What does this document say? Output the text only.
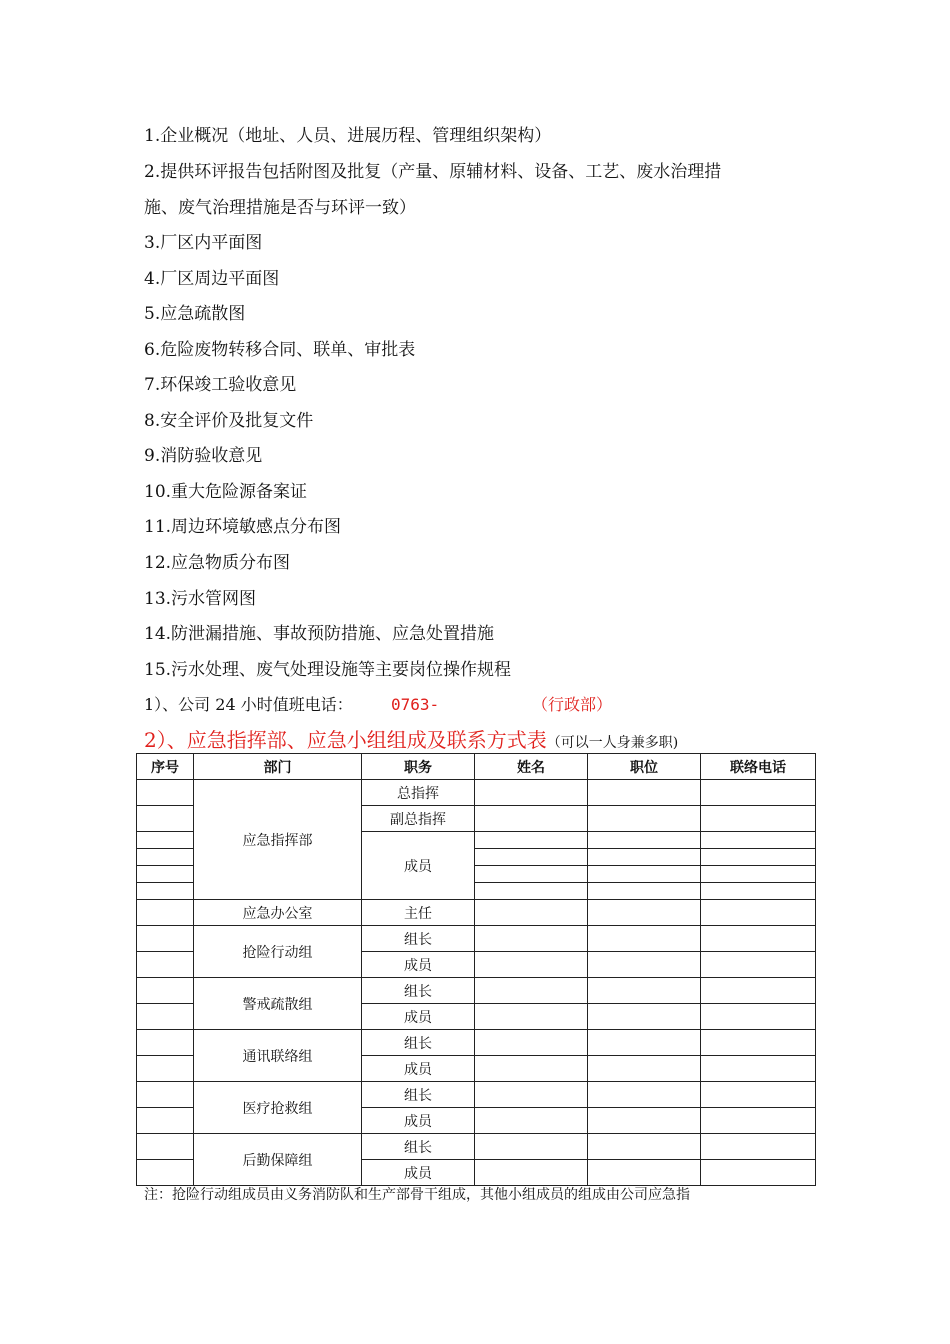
1.企业概况（地址、人员、进展历程、管理组织架构）
2.提供环评报告包括附图及批复（产量、原辅材料、设备、工艺、废水治理措
施、废气治理措施是否与环评一致）
3.厂区内平面图
4.厂区周边平面图
5.应急疏散图
6.危险废物转移合同、联单、审批表
7.环保竣工验收意见
8.安全评价及批复文件
9.消防验收意见
10.重大危险源备案证
11.周边环境敏感点分布图
12.应急物质分布图
13.污水管网图
14.防泄漏措施、事故预防措施、应急处置措施
15.污水处理、废气处理设施等主要岗位操作规程
1）、公司 24 小时值班电话： 0763-	（行政部）
2）、应急指挥部、应急小组组成及联系方式表（可以一人身兼多职)
序号	部门	职务	姓名	职位	联络电话
	应急指挥部	总指挥			
		副总指挥			
		成员			

	应急办公室	主任			
	抢险行动组	组长			
		成员			
	警戒疏散组	组长			
		成员			
	通讯联络组	组长			
		成员			
	医疗抢救组	组长			
		成员			
	后勤保障组	组长			
		成员			
注：抢险行动组成员由义务消防队和生产部骨干组成，其他小组成员的组成由公司应急指
